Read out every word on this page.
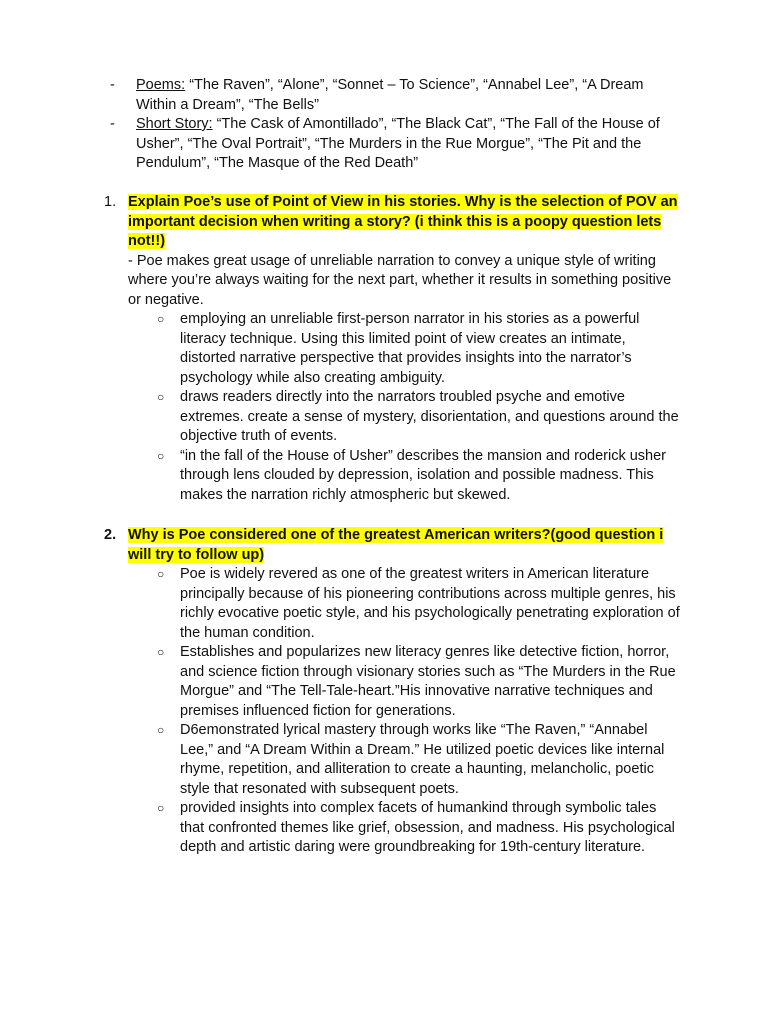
- Poems: “The Raven”, “Alone”, “Sonnet – To Science”, “Annabel Lee”, “A Dream Within a Dream”, “The Bells”
- Short Story: “The Cask of Amontillado”, “The Black Cat”, “The Fall of the House of Usher”, “The Oval Portrait”, “The Murders in the Rue Morgue”, “The Pit and the Pendulum”, “The Masque of the Red Death”
1. Explain Poe’s use of Point of View in his stories. Why is the selection of POV an important decision when writing a story? (i think this is a poopy question lets not!!)

- Poe makes great usage of unreliable narration to convey a unique style of writing where you’re always waiting for the next part, whether it results in something positive or negative.

○ employing an unreliable first-person narrator in his stories as a powerful literacy technique. Using this limited point of view creates an intimate, distorted narrative perspective that provides insights into the narrator’s psychology while also creating ambiguity.
○ draws readers directly into the narrators troubled psyche and emotive extremes. create a sense of mystery, disorientation, and questions around the objective truth of events.
○ “in the fall of the House of Usher” describes the mansion and roderick usher through lens clouded by depression, isolation and possible madness. This makes the narration richly atmospheric but skewed.
2. Why is Poe considered one of the greatest American writers?(good question i will try to follow up)
○ Poe is widely revered as one of the greatest writers in American literature principally because of his pioneering contributions across multiple genres, his richly evocative poetic style, and his psychologically penetrating exploration of the human condition.
○ Establishes and popularizes new literacy genres like detective fiction, horror, and science fiction through visionary stories such as “The Murders in the Rue Morgue” and “The Tell-Tale-heart.”His innovative narrative techniques and premises influenced fiction for generations.
○ D6emonstrated lyrical mastery through works like “The Raven,” “Annabel Lee,” and “A Dream Within a Dream.” He utilized poetic devices like internal rhyme, repetition, and alliteration to create a haunting, melancholic, poetic style that resonated with subsequent poets.
○ provided insights into complex facets of humankind through symbolic tales that confronted themes like grief, obsession, and madness. His psychological depth and artistic daring were groundbreaking for 19th-century literature.
